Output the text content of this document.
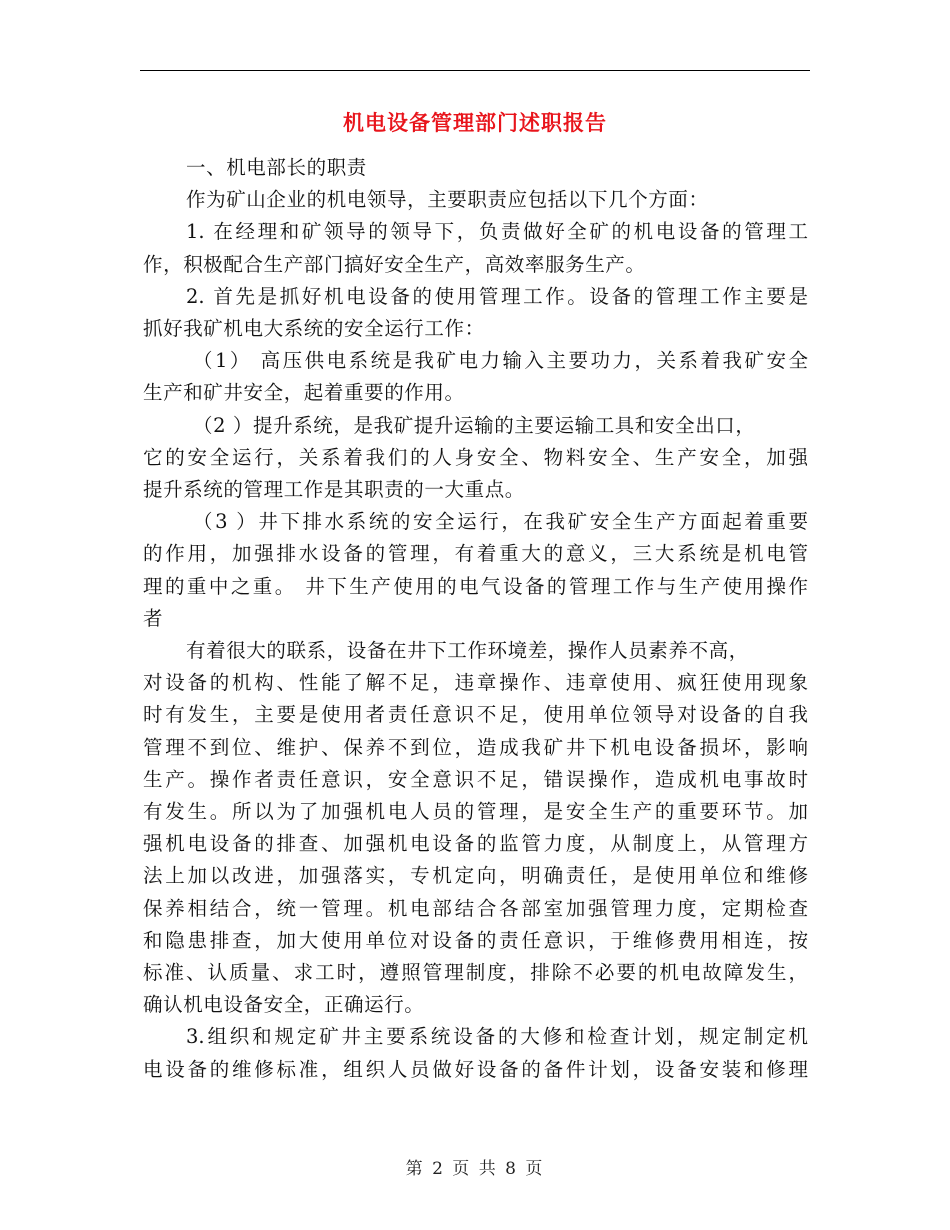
机电设备管理部门述职报告
一、机电部长的职责
作为矿山企业的机电领导，主要职责应包括以下几个方面：
1. 在经理和矿领导的领导下，负责做好全矿的机电设备的管理工
作，积极配合生产部门搞好安全生产，高效率服务生产。
2. 首先是抓好机电设备的使用管理工作。设备的管理工作主要是
抓好我矿机电大系统的安全运行工作：
（1） 高压供电系统是我矿电力输入主要功力，关系着我矿安全
生产和矿井安全，起着重要的作用。
（2 ）提升系统，是我矿提升运输的主要运输工具和安全出口，
它的安全运行，关系着我们的人身安全、物料安全、生产安全，加强
提升系统的管理工作是其职责的一大重点。
（3 ）井下排水系统的安全运行，在我矿安全生产方面起着重要
的作用，加强排水设备的管理，有着重大的意义，三大系统是机电管
理的重中之重。 井下生产使用的电气设备的管理工作与生产使用操作
者
有着很大的联系，设备在井下工作环境差，操作人员素养不高，
对设备的机构、性能了解不足，违章操作、违章使用、疯狂使用现象
时有发生，主要是使用者责任意识不足，使用单位领导对设备的自我
管理不到位、维护、保养不到位，造成我矿井下机电设备损坏，影响
生产。操作者责任意识，安全意识不足，错误操作，造成机电事故时
有发生。所以为了加强机电人员的管理，是安全生产的重要环节。加
强机电设备的排查、加强机电设备的监管力度，从制度上，从管理方
法上加以改进，加强落实，专机定向，明确责任，是使用单位和维修
保养相结合，统一管理。机电部结合各部室加强管理力度，定期检查
和隐患排查，加大使用单位对设备的责任意识，于维修费用相连，按
标准、认质量、求工时，遵照管理制度，排除不必要的机电故障发生，
确认机电设备安全，正确运行。
3.组织和规定矿井主要系统设备的大修和检查计划，规定制定机
电设备的维修标准，组织人员做好设备的备件计划，设备安装和修理
第 2 页 共 8 页
